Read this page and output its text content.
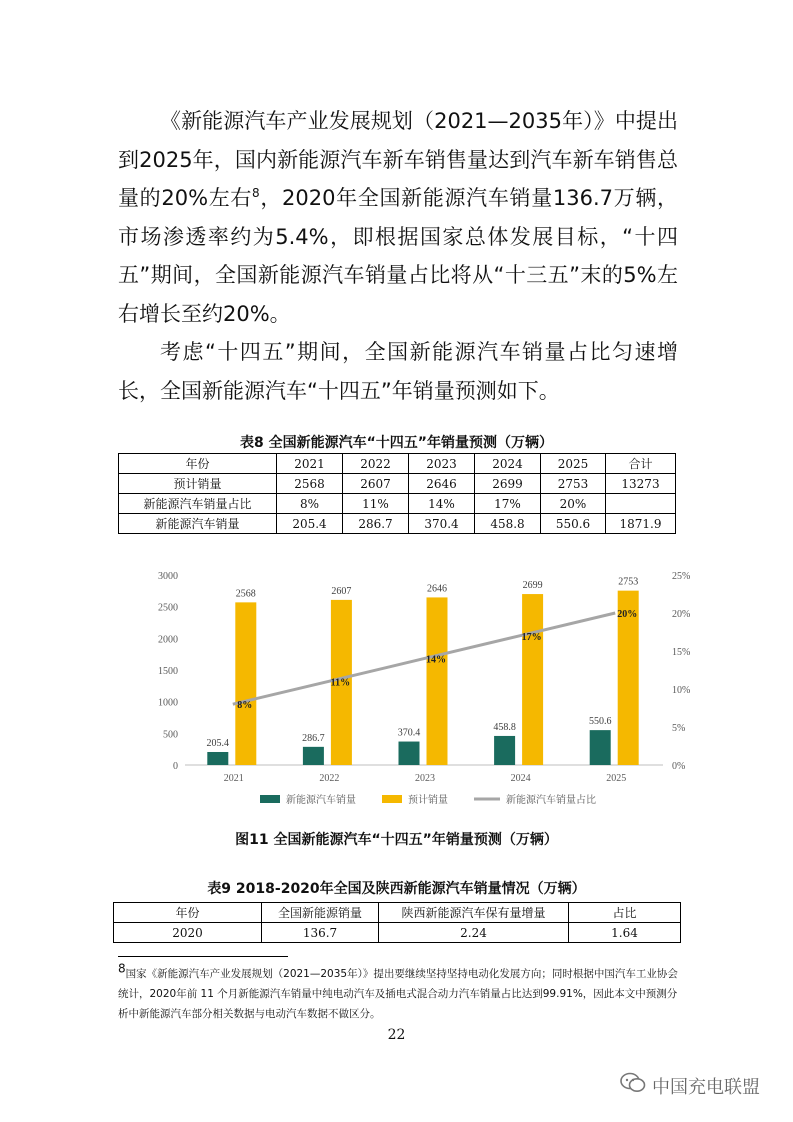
《新能源汽车产业发展规划（2021—2035年）》中提出到2025年，国内新能源汽车新车销售量达到汽车新车销售总量的20%左右$^8$，2020年全国新能源汽车销量136.7万辆，市场渗透率约为5.4%，即根据国家总体发展目标，“十四五”期间，全国新能源汽车销量占比将从“十三五”末的5%左右增长至约20%。

考虑“十四五”期间，全国新能源汽车销量占比匀速增长，全国新能源汽车“十四五”年销量预测如下。

表8 全国新能源汽车“十四五”年销量预测（万辆）
年份	2021	2022	2023	2024	2025	合计
预计销量	2568	2607	2646	2699	2753	13273
新能源汽车销量占比	8%	11%	14%	17%	20%	
新能源汽车销量	205.4	286.7	370.4	458.8	550.6	1871.9
0
500
1000
1500
2000
2500
3000
0%
5%
10%
15%
20%
25%
2021
205.4
2568
2022
286.7
2607
2023
370.4
2646
2024
458.8
2699
2025
550.6
2753
8%
11%
14%
17%
20%
新能源汽车销量	预计销量	新能源汽车销量占比
图11 全国新能源汽车“十四五”年销量预测（万辆）
表9 2018-2020年全国及陕西新能源汽车销量情况（万辆）
年份	全国新能源销量	陕西新能源汽车保有量增量	占比
2020	136.7	2.24	1.64
$^8$国家《新能源汽车产业发展规划（2021—2035年）》提出要继续坚持坚持电动化发展方向；同时根据中国汽车工业协会统计，2020年前 11 个月新能源汽车销量中纯电动汽车及插电式混合动力汽车销量占比达到99.91%，因此本文中预测分析中新能源汽车部分相关数据与电动汽车数据不做区分。
22
中国充电联盟
